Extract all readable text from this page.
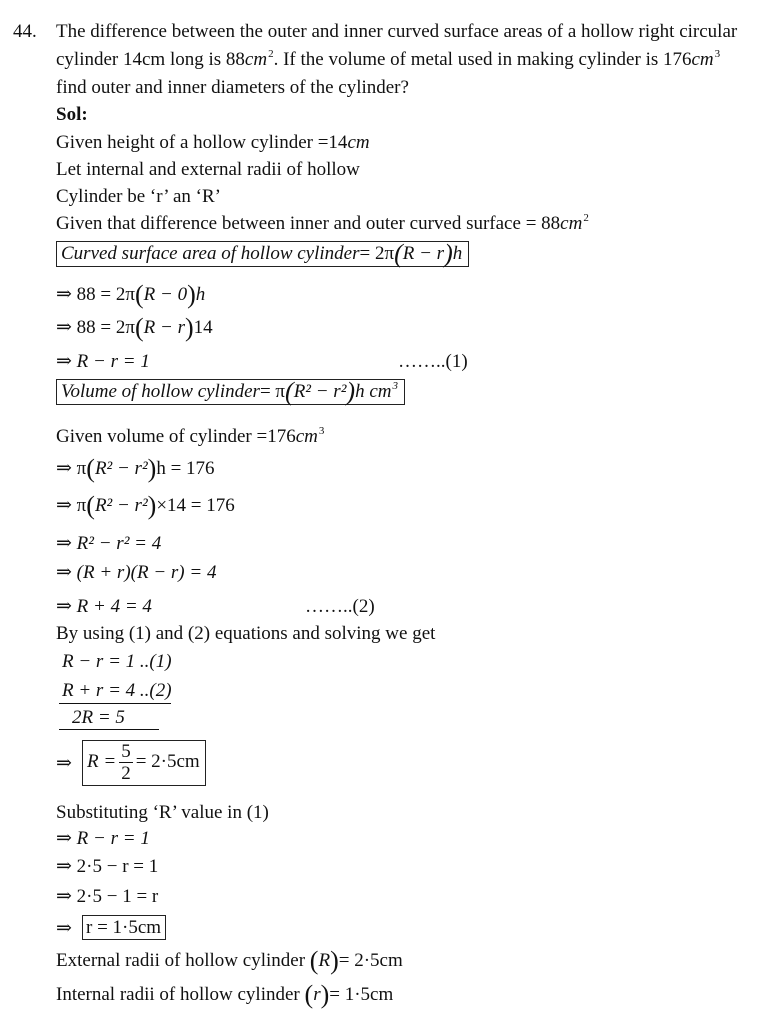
44. The difference between the outer and inner curved surface areas of a hollow right circular
cylinder 14cm long is $88cm^2$. If the volume of metal used in making cylinder is $176cm^3$
find outer and inner diameters of the cylinder?
Sol:
Given height of a hollow cylinder =14cm
Let internal and external radii of hollow
Cylinder be ‘r’ an ‘R’
Given that difference between inner and outer curved surface = $88cm^2$
Curved surface area of hollow cylinder= 2π(R − r)h
⇒ 88 = 2π(R − 0)h
⇒ 88 = 2π(R − r)14
⇒ R − r = 1	……..(1)
Volume of hollow cylinder= π(R² − r²)h $cm^3$
Given volume of cylinder $=176cm^3$
⇒ π(R² − r²)h = 176
⇒ π(R² − r²)×14 = 176
⇒ R² − r² = 4
⇒ (R + r)(R − r) = 4
⇒ R + 4 = 4	……..(2)
By using (1) and (2) equations and solving we get
R − r = 1 ..(1)
R + r = 4 ..(2)
2R = 5
⇒ $R = \frac{5}{2} = 2\cdot 5cm$
Substituting ‘R’ value in (1)
⇒ R − r = 1
⇒ 2·5 − r = 1
⇒ 2·5 − 1 = r
⇒ r = 1·5cm
External radii of hollow cylinder (R)= 2·5cm
Internal radii of hollow cylinder (r)= 1·5cm
